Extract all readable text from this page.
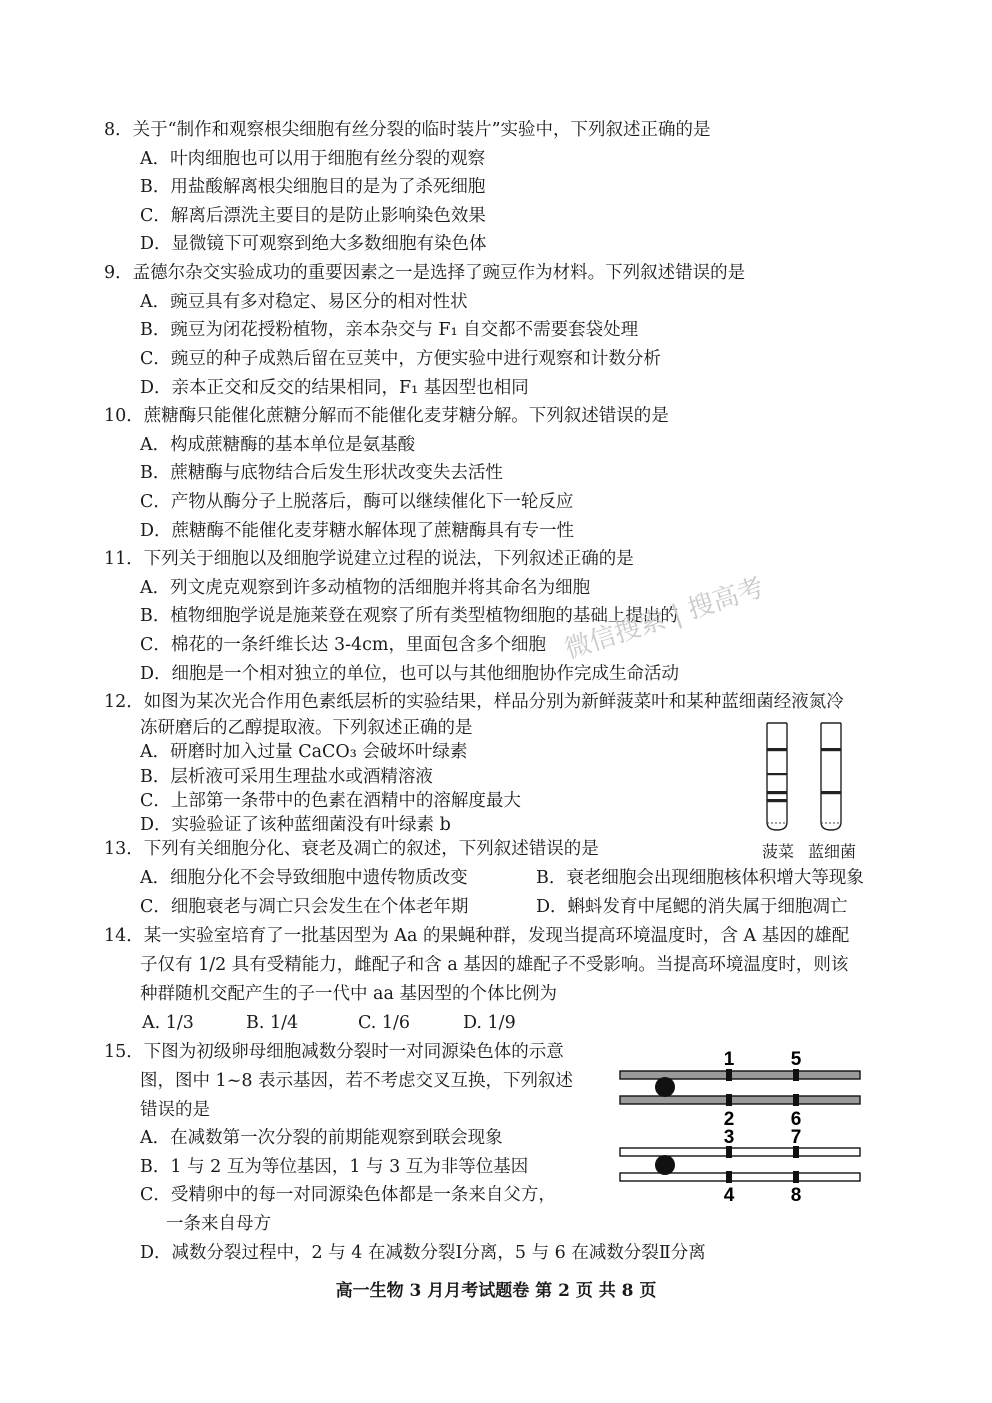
8．关于“制作和观察根尖细胞有丝分裂的临时装片”实验中，下列叙述正确的是
A．叶肉细胞也可以用于细胞有丝分裂的观察
B．用盐酸解离根尖细胞目的是为了杀死细胞
C．解离后漂洗主要目的是防止影响染色效果
D．显微镜下可观察到绝大多数细胞有染色体
9．孟德尔杂交实验成功的重要因素之一是选择了豌豆作为材料。下列叙述错误的是
A．豌豆具有多对稳定、易区分的相对性状
B．豌豆为闭花授粉植物，亲本杂交与 F₁ 自交都不需要套袋处理
C．豌豆的种子成熟后留在豆荚中，方便实验中进行观察和计数分析
D．亲本正交和反交的结果相同，F₁ 基因型也相同
10．蔗糖酶只能催化蔗糖分解而不能催化麦芽糖分解。下列叙述错误的是
A．构成蔗糖酶的基本单位是氨基酸
B．蔗糖酶与底物结合后发生形状改变失去活性
C．产物从酶分子上脱落后，酶可以继续催化下一轮反应
D．蔗糖酶不能催化麦芽糖水解体现了蔗糖酶具有专一性
11．下列关于细胞以及细胞学说建立过程的说法，下列叙述正确的是
A．列文虎克观察到许多动植物的活细胞并将其命名为细胞
B．植物细胞学说是施莱登在观察了所有类型植物细胞的基础上提出的
C．棉花的一条纤维长达 3-4cm，里面包含多个细胞
D．细胞是一个相对独立的单位，也可以与其他细胞协作完成生命活动
微信搜索 | 搜高考
12．如图为某次光合作用色素纸层析的实验结果，样品分别为新鲜菠菜叶和某种蓝细菌经液氮冷
冻研磨后的乙醇提取液。下列叙述正确的是
A．研磨时加入过量 CaCO₃ 会破坏叶绿素
B．层析液可采用生理盐水或酒精溶液
C．上部第一条带中的色素在酒精中的溶解度最大
D．实验验证了该种蓝细菌没有叶绿素 b
菠菜 蓝细菌
13．下列有关细胞分化、衰老及凋亡的叙述，下列叙述错误的是
A．细胞分化不会导致细胞中遗传物质改变	B．衰老细胞会出现细胞核体积增大等现象
C．细胞衰老与凋亡只会发生在个体老年期	D．蝌蚪发育中尾鳃的消失属于细胞凋亡
14．某一实验室培育了一批基因型为 Aa 的果蝇种群，发现当提高环境温度时，含 A 基因的雄配
子仅有 1/2 具有受精能力，雌配子和含 a 基因的雄配子不受影响。当提高环境温度时，则该
种群随机交配产生的子一代中 aa 基因型的个体比例为
A. 1/3	B. 1/4	C. 1/6	D. 1/9
15．下图为初级卵母细胞减数分裂时一对同源染色体的示意
图，图中 1~8 表示基因，若不考虑交叉互换，下列叙述
错误的是
A．在减数第一次分裂的前期能观察到联会现象
B．1 与 2 互为等位基因，1 与 3 互为非等位基因
C．受精卵中的每一对同源染色体都是一条来自父方，
一条来自母方
D．减数分裂过程中，2 与 4 在减数分裂Ⅰ分离，5 与 6 在减数分裂Ⅱ分离
1	5
2	6
3	7
4	8
高一生物 3 月月考试题卷 第 2 页 共 8 页
